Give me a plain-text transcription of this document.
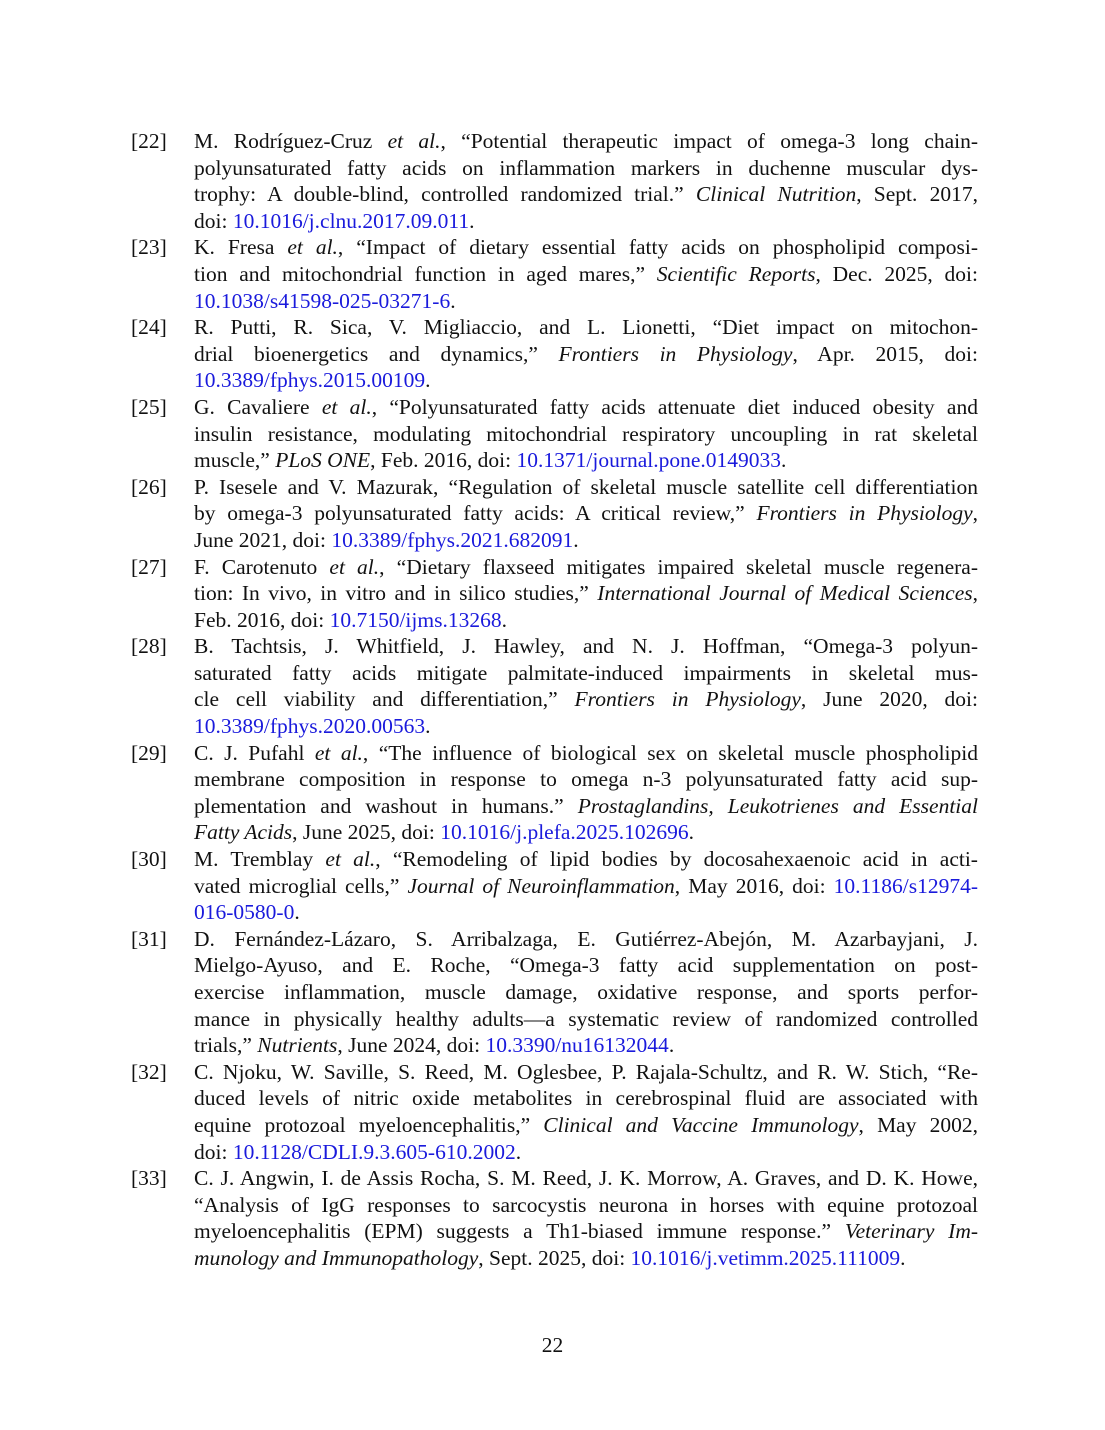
[22]	M. Rodríguez-Cruz et al., “Potential therapeutic impact of omega-3 long chain-
polyunsaturated fatty acids on inflammation markers in duchenne muscular dys-
trophy: A double-blind, controlled randomized trial.” Clinical Nutrition, Sept. 2017,
doi: 10.1016/j.clnu.2017.09.011.
[23]	K. Fresa et al., “Impact of dietary essential fatty acids on phospholipid composi-
tion and mitochondrial function in aged mares,” Scientific Reports, Dec. 2025, doi:
10.1038/s41598-025-03271-6.
[24]	R. Putti, R. Sica, V. Migliaccio, and L. Lionetti, “Diet impact on mitochon-
drial bioenergetics and dynamics,” Frontiers in Physiology, Apr. 2015, doi:
10.3389/fphys.2015.00109.
[25]	G. Cavaliere et al., “Polyunsaturated fatty acids attenuate diet induced obesity and
insulin resistance, modulating mitochondrial respiratory uncoupling in rat skeletal
muscle,” PLoS ONE, Feb. 2016, doi: 10.1371/journal.pone.0149033.
[26]	P. Isesele and V. Mazurak, “Regulation of skeletal muscle satellite cell differentiation
by omega-3 polyunsaturated fatty acids: A critical review,” Frontiers in Physiology,
June 2021, doi: 10.3389/fphys.2021.682091.
[27]	F. Carotenuto et al., “Dietary flaxseed mitigates impaired skeletal muscle regenera-
tion: In vivo, in vitro and in silico studies,” International Journal of Medical Sciences,
Feb. 2016, doi: 10.7150/ijms.13268.
[28]	B. Tachtsis, J. Whitfield, J. Hawley, and N. J. Hoffman, “Omega-3 polyun-
saturated fatty acids mitigate palmitate-induced impairments in skeletal mus-
cle cell viability and differentiation,” Frontiers in Physiology, June 2020, doi:
10.3389/fphys.2020.00563.
[29]	C. J. Pufahl et al., “The influence of biological sex on skeletal muscle phospholipid
membrane composition in response to omega n-3 polyunsaturated fatty acid sup-
plementation and washout in humans.” Prostaglandins, Leukotrienes and Essential
Fatty Acids, June 2025, doi: 10.1016/j.plefa.2025.102696.
[30]	M. Tremblay et al., “Remodeling of lipid bodies by docosahexaenoic acid in acti-
vated microglial cells,” Journal of Neuroinflammation, May 2016, doi: 10.1186/s12974-
016-0580-0.
[31]	D. Fernández-Lázaro, S. Arribalzaga, E. Gutiérrez-Abejón, M. Azarbayjani, J.
Mielgo-Ayuso, and E. Roche, “Omega-3 fatty acid supplementation on post-
exercise inflammation, muscle damage, oxidative response, and sports perfor-
mance in physically healthy adults—a systematic review of randomized controlled
trials,” Nutrients, June 2024, doi: 10.3390/nu16132044.
[32]	C. Njoku, W. Saville, S. Reed, M. Oglesbee, P. Rajala-Schultz, and R. W. Stich, “Re-
duced levels of nitric oxide metabolites in cerebrospinal fluid are associated with
equine protozoal myeloencephalitis,” Clinical and Vaccine Immunology, May 2002,
doi: 10.1128/CDLI.9.3.605-610.2002.
[33]	C. J. Angwin, I. de Assis Rocha, S. M. Reed, J. K. Morrow, A. Graves, and D. K. Howe,
“Analysis of IgG responses to sarcocystis neurona in horses with equine protozoal
myeloencephalitis (EPM) suggests a Th1-biased immune response.” Veterinary Im-
munology and Immunopathology, Sept. 2025, doi: 10.1016/j.vetimm.2025.111009.
22
